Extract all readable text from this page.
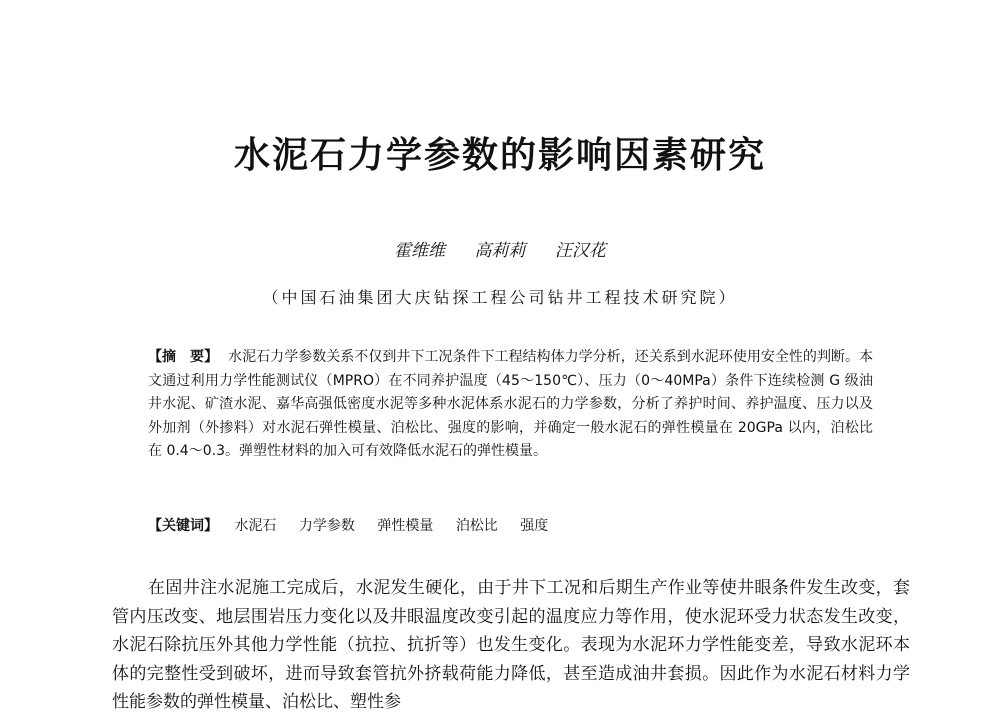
水泥石力学参数的影响因素研究
霍维维 高莉莉 汪汉花
（中国石油集团大庆钻探工程公司钻井工程技术研究院）
【摘　要】 水泥石力学参数关系不仅到井下工况条件下工程结构体力学分析，还关系到水泥环使用安全性的判断。本文通过利用力学性能测试仪（MPRO）在不同养护温度（45～150℃）、压力（0～40MPa）条件下连续检测 G 级油井水泥、矿渣水泥、嘉华高强低密度水泥等多种水泥体系水泥石的力学参数，分析了养护时间、养护温度、压力以及外加剂（外掺料）对水泥石弹性模量、泊松比、强度的影响，并确定一般水泥石的弹性模量在 20GPa 以内，泊松比在 0.4～0.3。弹塑性材料的加入可有效降低水泥石的弹性模量。
【关键词】 水泥石 力学参数 弹性模量 泊松比 强度
在固井注水泥施工完成后，水泥发生硬化，由于井下工况和后期生产作业等使井眼条件发生改变，套管内压改变、地层围岩压力变化以及井眼温度改变引起的温度应力等作用，使水泥环受力状态发生改变，水泥石除抗压外其他力学性能（抗拉、抗折等）也发生变化。表现为水泥环力学性能变差，导致水泥环本体的完整性受到破坏，进而导致套管抗外挤载荷能力降低，甚至造成油井套损。因此作为水泥石材料力学性能参数的弹性模量、泊松比、塑性参
